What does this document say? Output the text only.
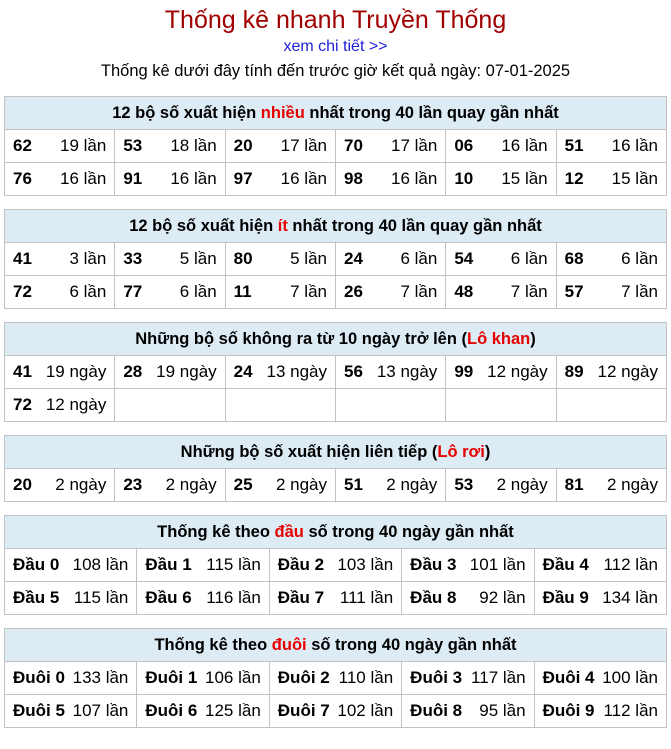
Thống kê nhanh Truyền Thống
xem chi tiết >>
Thống kê dưới đây tính đến trước giờ kết quả ngày: 07-01-2025
12 bộ số xuất hiện nhiều nhất trong 40 lần quay gần nhất					

62 19 lần	53 18 lần	20 17 lần	70 17 lần	06 16 lần	51 16 lần

76 16 lần	91 16 lần	97 16 lần	98 16 lần	10 15 lần	12 15 lần
12 bộ số xuất hiện ít nhất trong 40 lần quay gần nhất					

41 3 lần	33 5 lần	80 5 lần	24 6 lần	54 6 lần	68 6 lần

72 6 lần	77 6 lần	11 7 lần	26 7 lần	48 7 lần	57 7 lần
Những bộ số không ra từ 10 ngày trở lên (Lô khan)					

41 19 ngày	28 19 ngày	24 13 ngày	56 13 ngày	99 12 ngày	89 12 ngày

72 12 ngày					

Những bộ số xuất hiện liên tiếp (Lô rơi)

20 2 ngày	23 2 ngày	25 2 ngày	51 2 ngày	53 2 ngày	81 2 ngày
Thống kê theo đầu số trong 40 ngày gần nhất				

Đầu 0 108 lần	Đầu 1 115 lần	Đầu 2 103 lần	Đầu 3 101 lần	Đầu 4 112 lần

Đầu 5 115 lần	Đầu 6 116 lần	Đầu 7 111 lần	Đầu 8 92 lần	Đầu 9 134 lần
Thống kê theo đuôi số trong 40 ngày gần nhất				

Đuôi 0 133 lần	Đuôi 1 106 lần	Đuôi 2 110 lần	Đuôi 3 117 lần	Đuôi 4 100 lần

Đuôi 5 107 lần	Đuôi 6 125 lần	Đuôi 7 102 lần	Đuôi 8 95 lần	Đuôi 9 112 lần
